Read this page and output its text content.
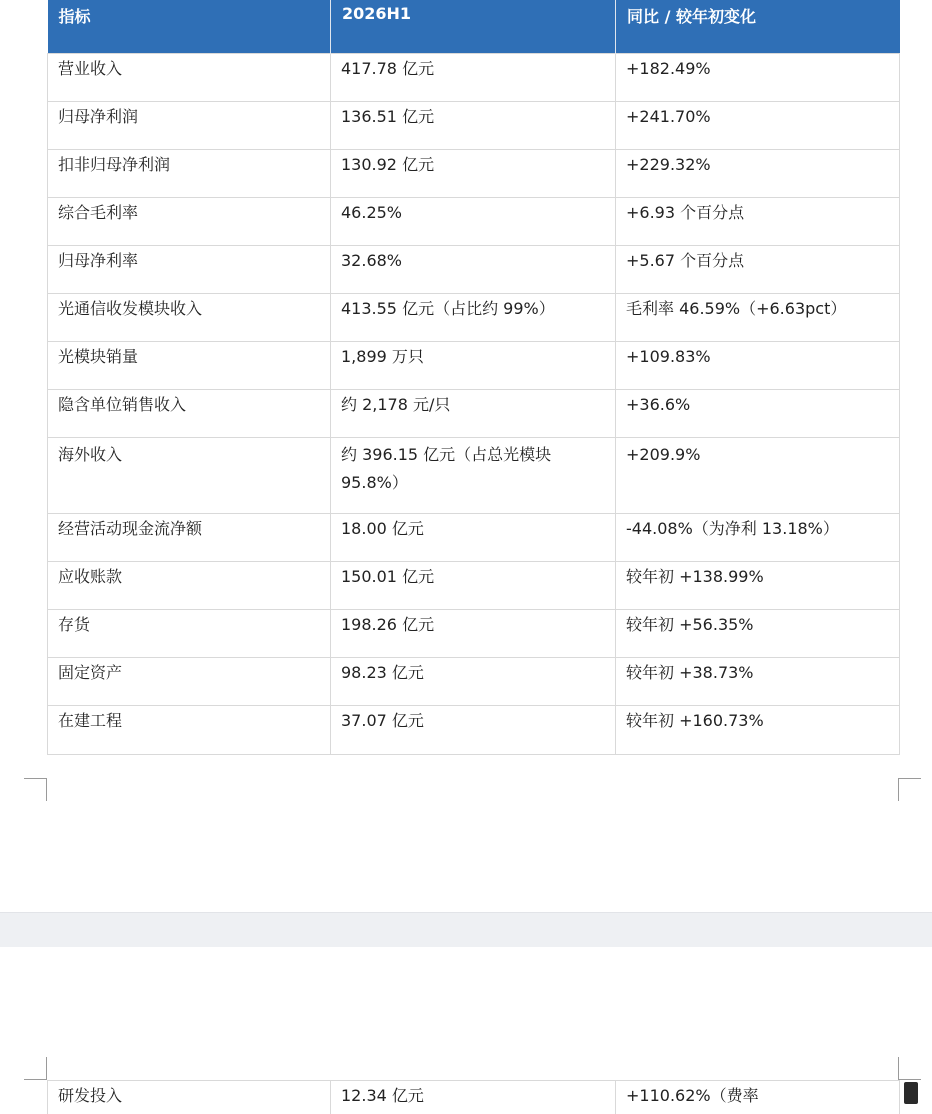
指标	2026H1	同比 / 较年初变化
营业收入	417.78 亿元	+182.49%
归母净利润	136.51 亿元	+241.70%
扣非归母净利润	130.92 亿元	+229.32%
综合毛利率	46.25%	+6.93 个百分点
归母净利率	32.68%	+5.67 个百分点
光通信收发模块收入	413.55 亿元（占比约 99%）	毛利率 46.59%（+6.63pct）
光模块销量	1,899 万只	+109.83%
隐含单位销售收入	约 2,178 元/只	+36.6%
海外收入	约 396.15 亿元（占总光模块 95.8%）	+209.9%
经营活动现金流净额	18.00 亿元	-44.08%（为净利 13.18%）
应收账款	150.01 亿元	较年初 +138.99%
存货	198.26 亿元	较年初 +56.35%
固定资产	98.23 亿元	较年初 +38.73%
在建工程	37.07 亿元	较年初 +160.73%
研发投入	12.34 亿元	+110.62%（费率
